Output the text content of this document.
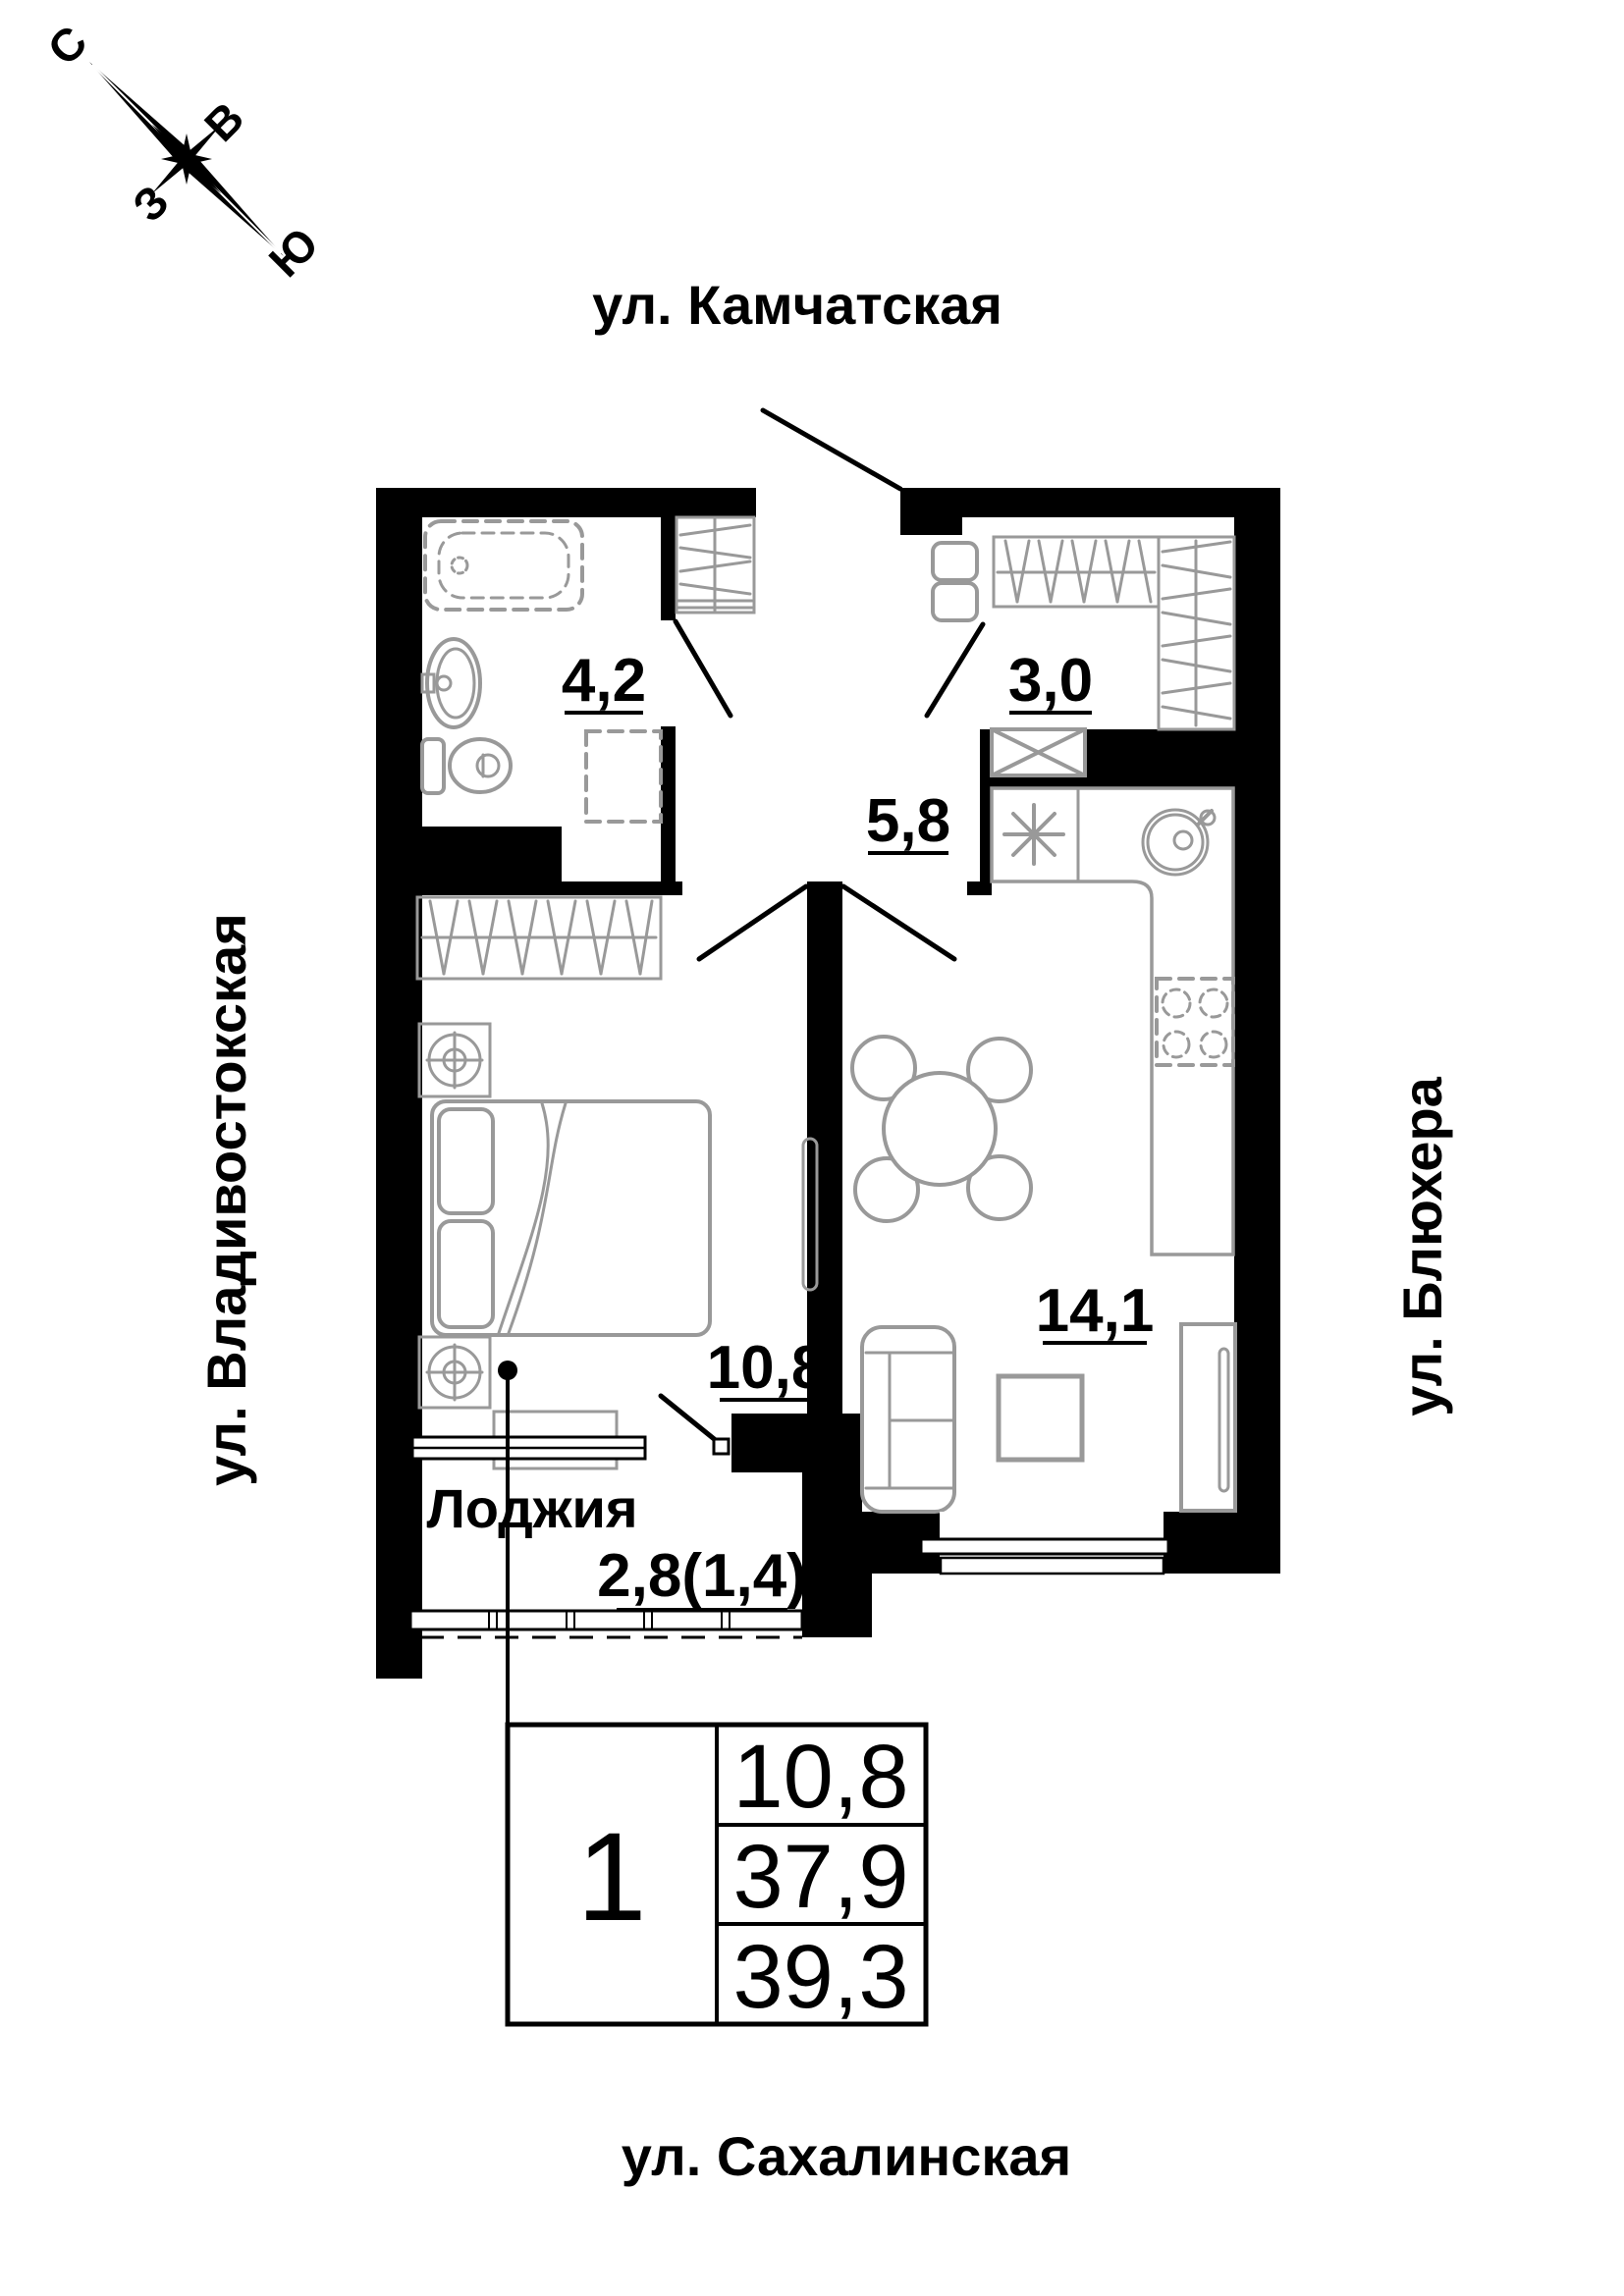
С
В
З
Ю
ул. Камчатская
ул. Сахалинская
ул. Владивостокская	ул. Блюхера
4,2	3,0
5,8
10,8
14,1
Лоджия
2,8(1,4)
1
10,8
37,9
39,3
